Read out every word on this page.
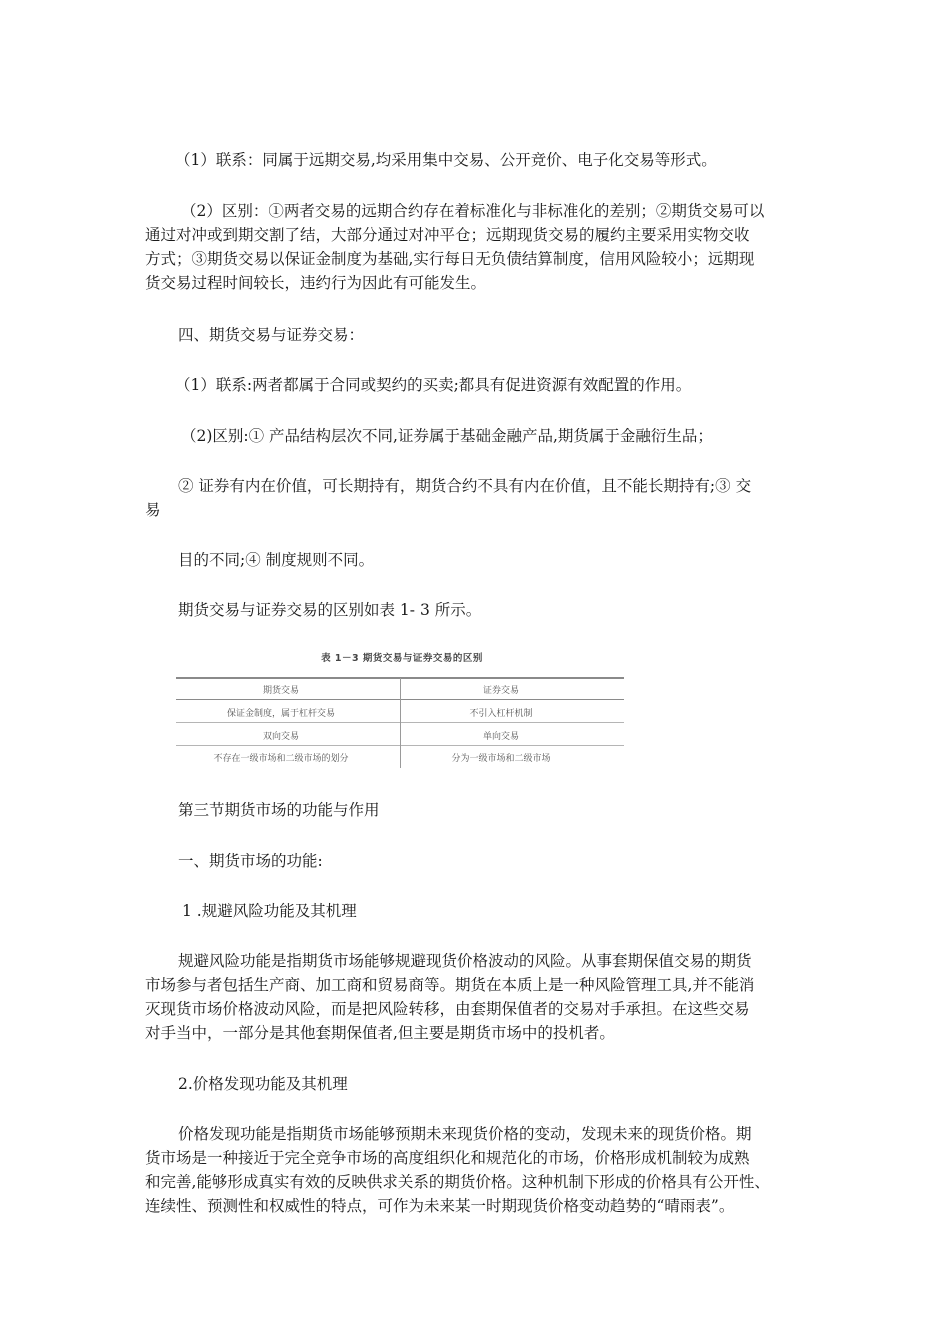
（1）联系：同属于远期交易,均采用集中交易、公开竞价、电子化交易等形式。
（2）区别：①两者交易的远期合约存在着标准化与非标准化的差别；②期货交易可以
通过对冲或到期交割了结，大部分通过对冲平仓；远期现货交易的履约主要采用实物交收
方式；③期货交易以保证金制度为基础,实行每日无负债结算制度，信用风险较小；远期现
货交易过程时间较长，违约行为因此有可能发生。
四、期货交易与证券交易：
（1）联系:两者都属于合同或契约的买卖;都具有促进资源有效配置的作用。
（2)区别:① 产品结构层次不同,证券属于基础金融产品,期货属于金融衍生品；
② 证券有内在价值，可长期持有，期货合约不具有内在价值，且不能长期持有;③ 交
易
目的不同;④ 制度规则不同。
期货交易与证券交易的区别如表 1- 3 所示。
表 1－3 期货交易与证券交易的区别
期货交易	证券交易
保证金制度，属于杠杆交易	不引入杠杆机制
双向交易	单向交易
不存在一级市场和二级市场的划分	分为一级市场和二级市场
第三节期货市场的功能与作用
一、期货市场的功能:
1 .规避风险功能及其机理
规避风险功能是指期货市场能够规避现货价格波动的风险。从事套期保值交易的期货
市场参与者包括生产商、加工商和贸易商等。期货在本质上是一种风险管理工具,并不能消
灭现货市场价格波动风险，而是把风险转移，由套期保值者的交易对手承担。在这些交易
对手当中，一部分是其他套期保值者,但主要是期货市场中的投机者。
2.价格发现功能及其机理
价格发现功能是指期货市场能够预期未来现货价格的变动，发现未来的现货价格。期
货市场是一种接近于完全竞争市场的高度组织化和规范化的市场，价格形成机制较为成熟
和完善,能够形成真实有效的反映供求关系的期货价格。这种机制下形成的价格具有公开性、
连续性、预测性和权威性的特点，可作为未来某一时期现货价格变动趋势的“晴雨表”。
